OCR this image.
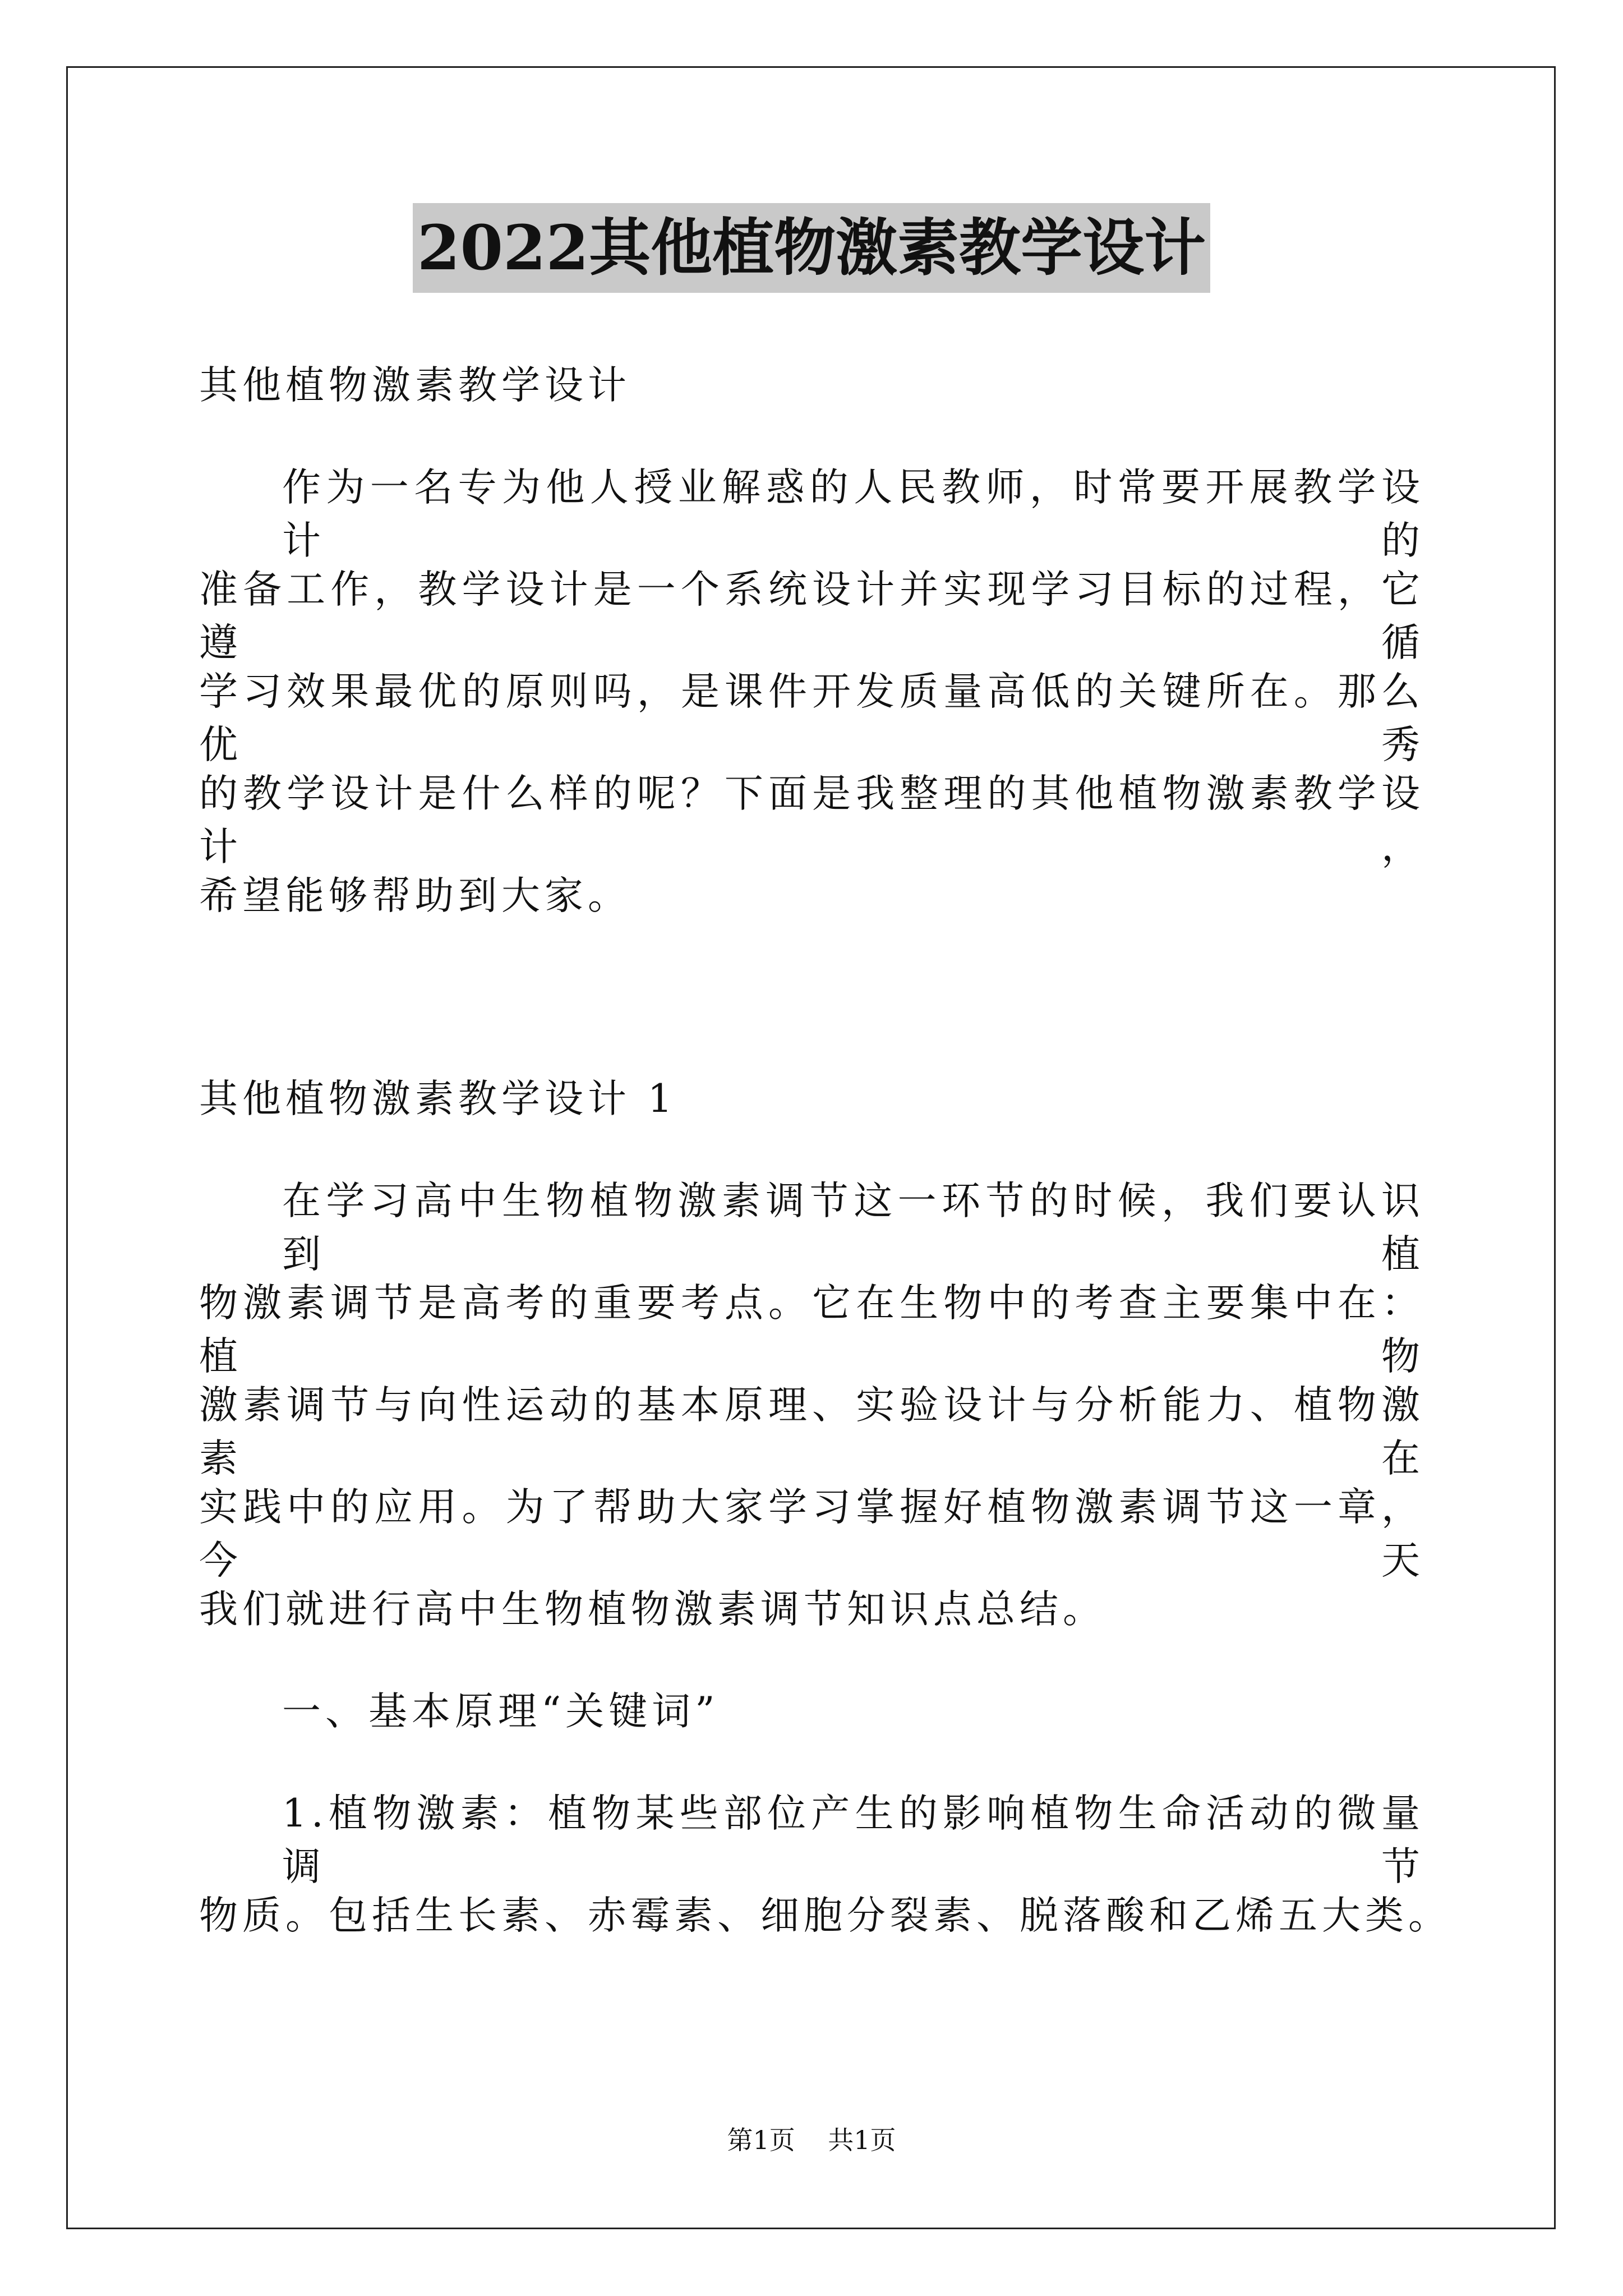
2022其他植物激素教学设计
其他植物激素教学设计
作为一名专为他人授业解惑的人民教师，时常要开展教学设计的
准备工作，教学设计是一个系统设计并实现学习目标的过程，它遵循
学习效果最优的原则吗，是课件开发质量高低的关键所在。那么优秀
的教学设计是什么样的呢？下面是我整理的其他植物激素教学设计，
希望能够帮助到大家。
其他植物激素教学设计 1
在学习高中生物植物激素调节这一环节的时候，我们要认识到植
物激素调节是高考的重要考点。它在生物中的考查主要集中在：植物
激素调节与向性运动的基本原理、实验设计与分析能力、植物激素在
实践中的应用。为了帮助大家学习掌握好植物激素调节这一章，今天
我们就进行高中生物植物激素调节知识点总结。
一、基本原理“关键词”
1.植物激素：植物某些部位产生的影响植物生命活动的微量调节
物质。包括生长素、赤霉素、细胞分裂素、脱落酸和乙烯五大类。
第1页 共1页
